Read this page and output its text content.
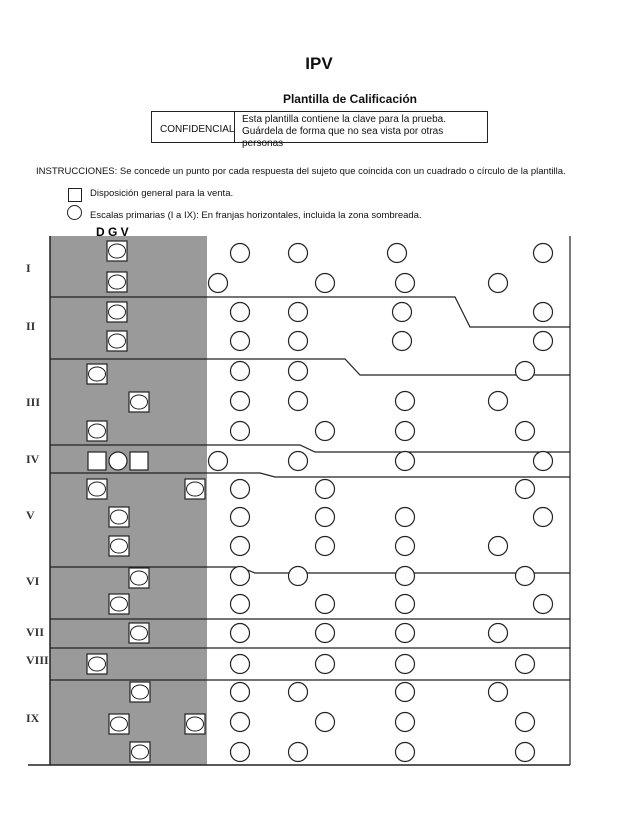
IPV
Plantilla de Calificación
CONFIDENCIAL
Esta plantilla contiene la clave para la prueba. Guárdela de forma que no sea vista por otras personas
INSTRUCCIONES: Se concede un punto por cada respuesta del sujeto que coincida con un cuadrado o círculo de la plantilla.
Disposición general para la venta.
Escalas primarias (I a IX): En franjas horizontales, incluida la zona sombreada.
I
II
III
IV
V
VI
VII
VIII
IX
D G V
